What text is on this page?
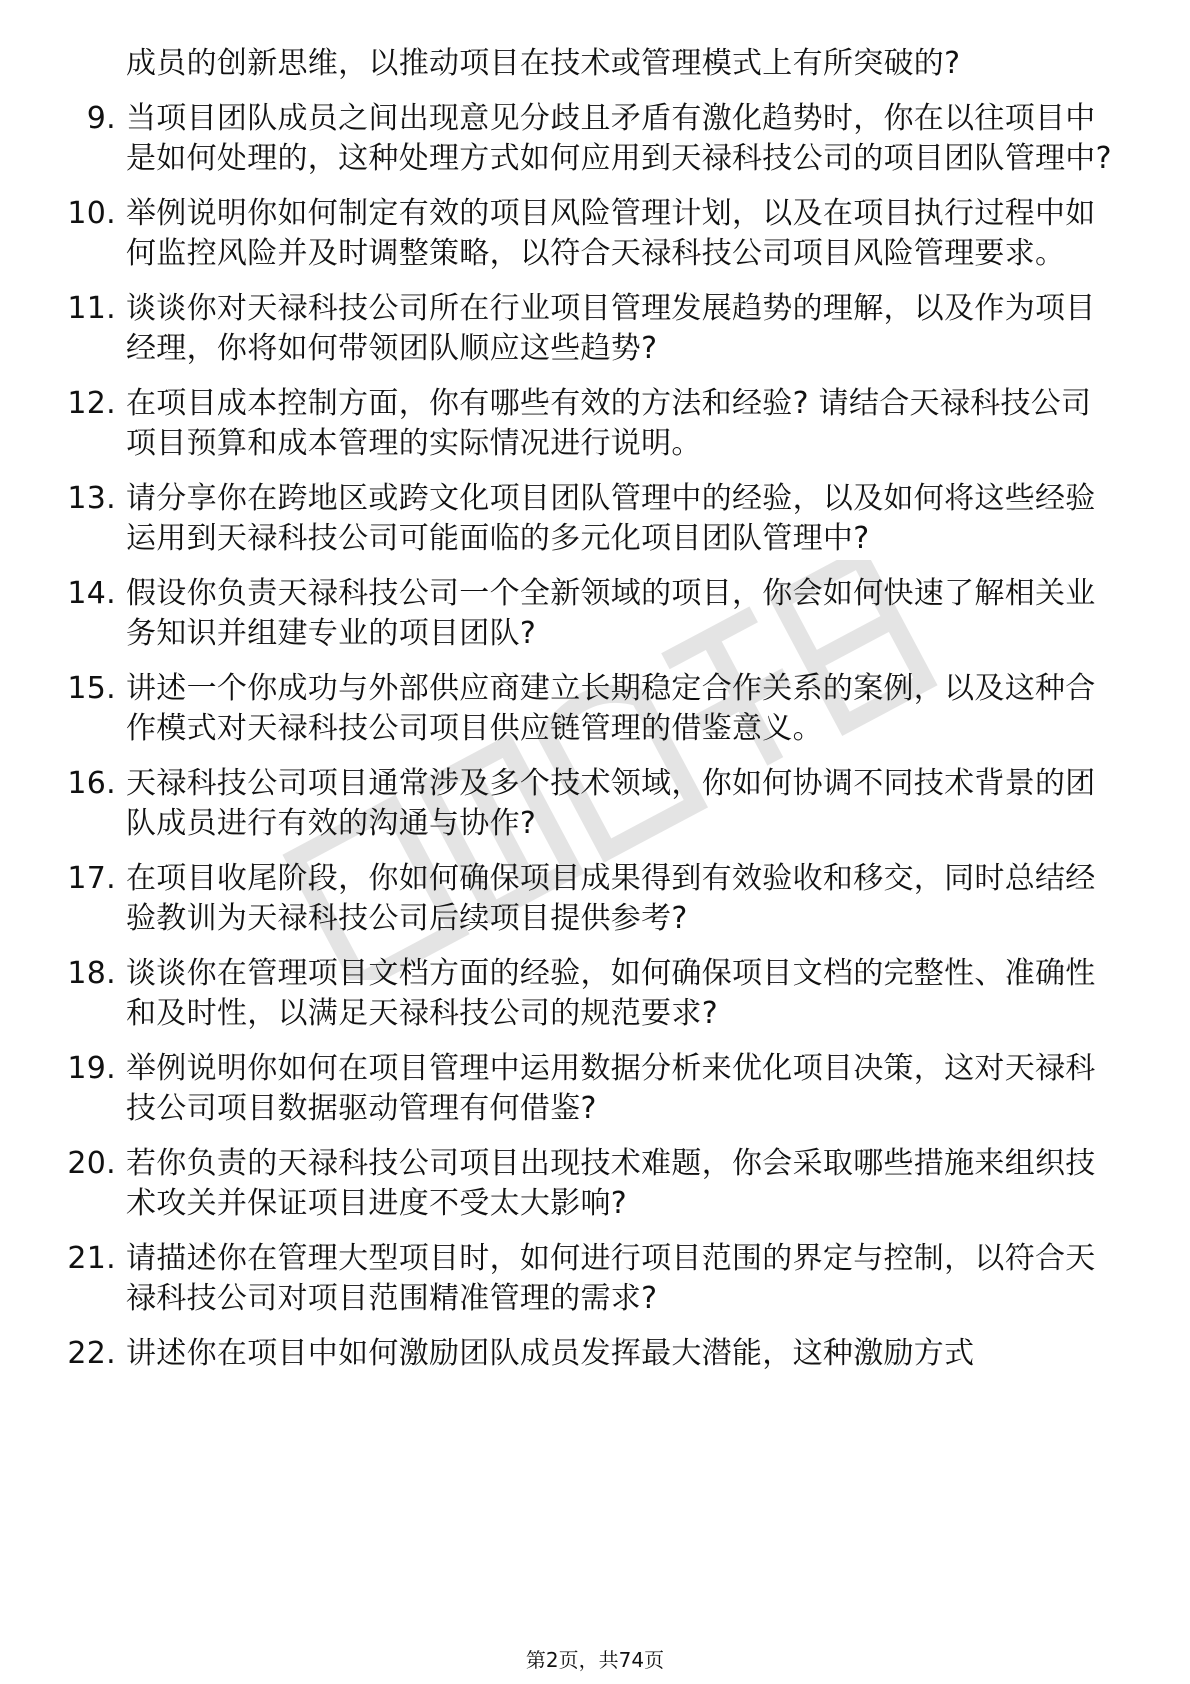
成员的创新思维，以推动项目在技术或管理模式上有所突破的?
9. 当项目团队成员之间出现意见分歧且矛盾有激化趋势时，你在以往项目中是如何处理的，这种处理方式如何应用到天禄科技公司的项目团队管理中?
10. 举例说明你如何制定有效的项目风险管理计划，以及在项目执行过程中如何监控风险并及时调整策略，以符合天禄科技公司项目风险管理要求。
11. 谈谈你对天禄科技公司所在行业项目管理发展趋势的理解，以及作为项目经理，你将如何带领团队顺应这些趋势?
12. 在项目成本控制方面，你有哪些有效的方法和经验? 请结合天禄科技公司项目预算和成本管理的实际情况进行说明。
13. 请分享你在跨地区或跨文化项目团队管理中的经验，以及如何将这些经验运用到天禄科技公司可能面临的多元化项目团队管理中?
14. 假设你负责天禄科技公司一个全新领域的项目，你会如何快速了解相关业务知识并组建专业的项目团队?
15. 讲述一个你成功与外部供应商建立长期稳定合作关系的案例，以及这种合作模式对天禄科技公司项目供应链管理的借鉴意义。
16. 天禄科技公司项目通常涉及多个技术领域，你如何协调不同技术背景的团队成员进行有效的沟通与协作?
17. 在项目收尾阶段，你如何确保项目成果得到有效验收和移交，同时总结经验教训为天禄科技公司后续项目提供参考?
18. 谈谈你在管理项目文档方面的经验，如何确保项目文档的完整性、准确性和及时性，以满足天禄科技公司的规范要求?
19. 举例说明你如何在项目管理中运用数据分析来优化项目决策，这对天禄科技公司项目数据驱动管理有何借鉴?
20. 若你负责的天禄科技公司项目出现技术难题，你会采取哪些措施来组织技术攻关并保证项目进度不受太大影响?
21. 请描述你在管理大型项目时，如何进行项目范围的界定与控制，以符合天禄科技公司对项目范围精准管理的需求?
22. 讲述你在项目中如何激励团队成员发挥最大潜能，这种激励方式
第2页，共74页
